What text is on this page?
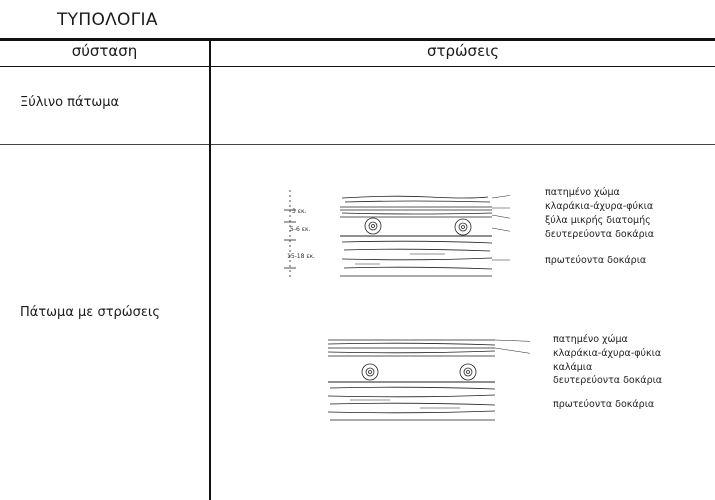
ΤΥΠΟΛΟΓΙΑ
σύσταση	στρώσεις
Ξύλινο πάτωμα
Πάτωμα με στρώσεις
3 εκ.
5-6 εκ.
15-18 εκ.
πατημένο χώμα
κλαράκια-άχυρα-φύκια
ξύλα μικρής διατομής
δευτερεύοντα δοκάρια
πρωτεύοντα δοκάρια
πατημένο χώμα
κλαράκια-άχυρα-φύκια
καλάμια
δευτερεύοντα δοκάρια
πρωτεύοντα δοκάρια
